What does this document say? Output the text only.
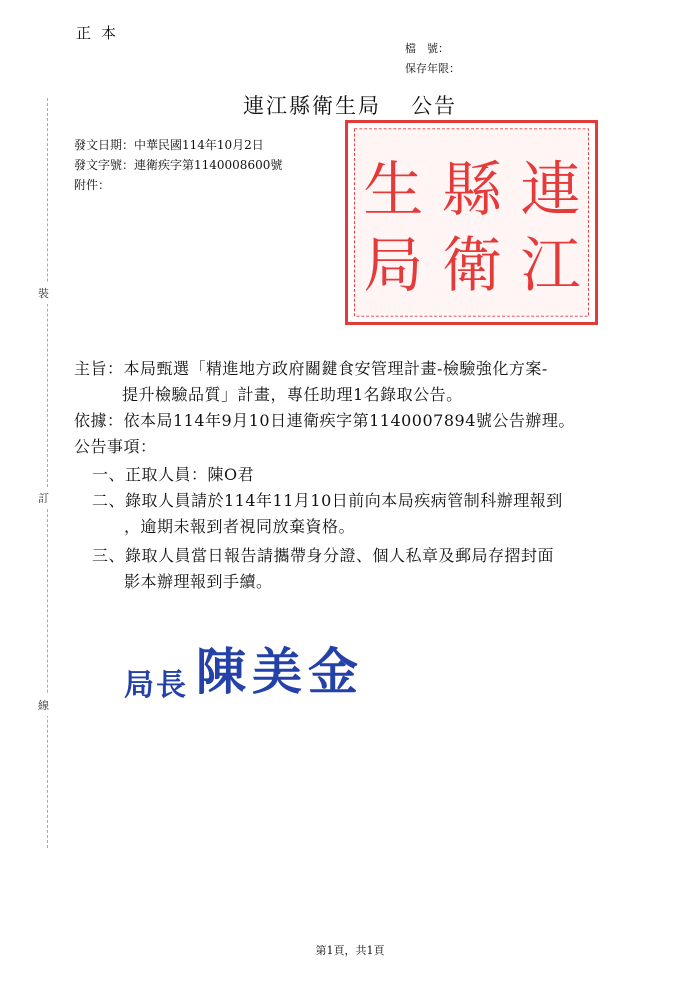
正本
檔　號：
保存年限：
連江縣衛生局 公告
發文日期：中華民國114年10月2日
發文字號：連衛疾字第1140008600號
附件：	連
江
縣
衛
生
局
裝
訂
線
主旨：本局甄選「精進地方政府關鍵食安管理計畫-檢驗強化方案-
提升檢驗品質」計畫，專任助理1名錄取公告。
依據：依本局114年9月10日連衛疾字第1140007894號公告辦理。
公告事項：
一、正取人員：陳O君
二、錄取人員請於114年11月10日前向本局疾病管制科辦理報到
，逾期未報到者視同放棄資格。
三、錄取人員當日報告請攜帶身分證、個人私章及郵局存摺封面
影本辦理報到手續。
局長 陳美金
第1頁，共1頁
